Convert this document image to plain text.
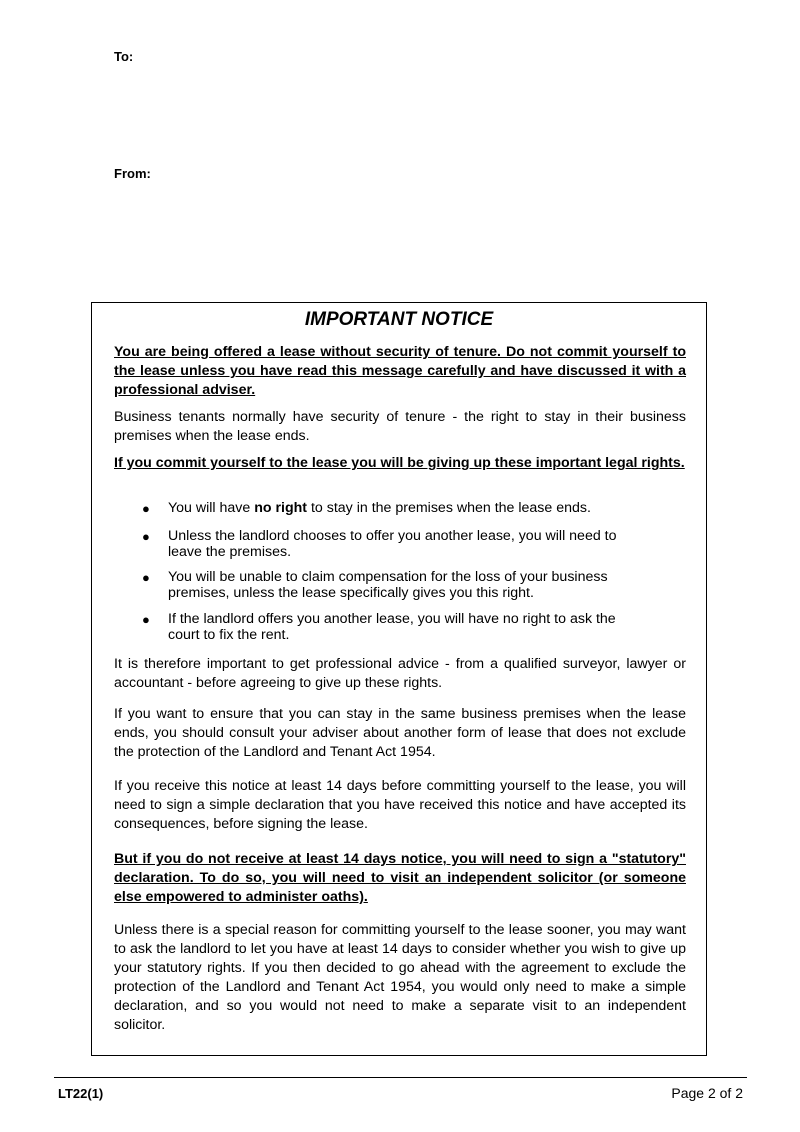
To:
From:
IMPORTANT NOTICE

You are being offered a lease without security of tenure. Do not commit yourself to the lease unless you have read this message carefully and have discussed it with a professional adviser.

Business tenants normally have security of tenure - the right to stay in their business premises when the lease ends.

If you commit yourself to the lease you will be giving up these important legal rights.

● You will have no right to stay in the premises when the lease ends.
● Unless the landlord chooses to offer you another lease, you will need to leave the premises.
● You will be unable to claim compensation for the loss of your business premises, unless the lease specifically gives you this right.
● If the landlord offers you another lease, you will have no right to ask the court to fix the rent.

It is therefore important to get professional advice - from a qualified surveyor, lawyer or accountant - before agreeing to give up these rights.

If you want to ensure that you can stay in the same business premises when the lease ends, you should consult your adviser about another form of lease that does not exclude the protection of the Landlord and Tenant Act 1954.

If you receive this notice at least 14 days before committing yourself to the lease, you will need to sign a simple declaration that you have received this notice and have accepted its consequences, before signing the lease.

But if you do not receive at least 14 days notice, you will need to sign a "statutory" declaration. To do so, you will need to visit an independent solicitor (or someone else empowered to administer oaths).

Unless there is a special reason for committing yourself to the lease sooner, you may want to ask the landlord to let you have at least 14 days to consider whether you wish to give up your statutory rights. If you then decided to go ahead with the agreement to exclude the protection of the Landlord and Tenant Act 1954, you would only need to make a simple declaration, and so you would not need to make a separate visit to an independent solicitor.

LT22(1)	Page 2 of 2
